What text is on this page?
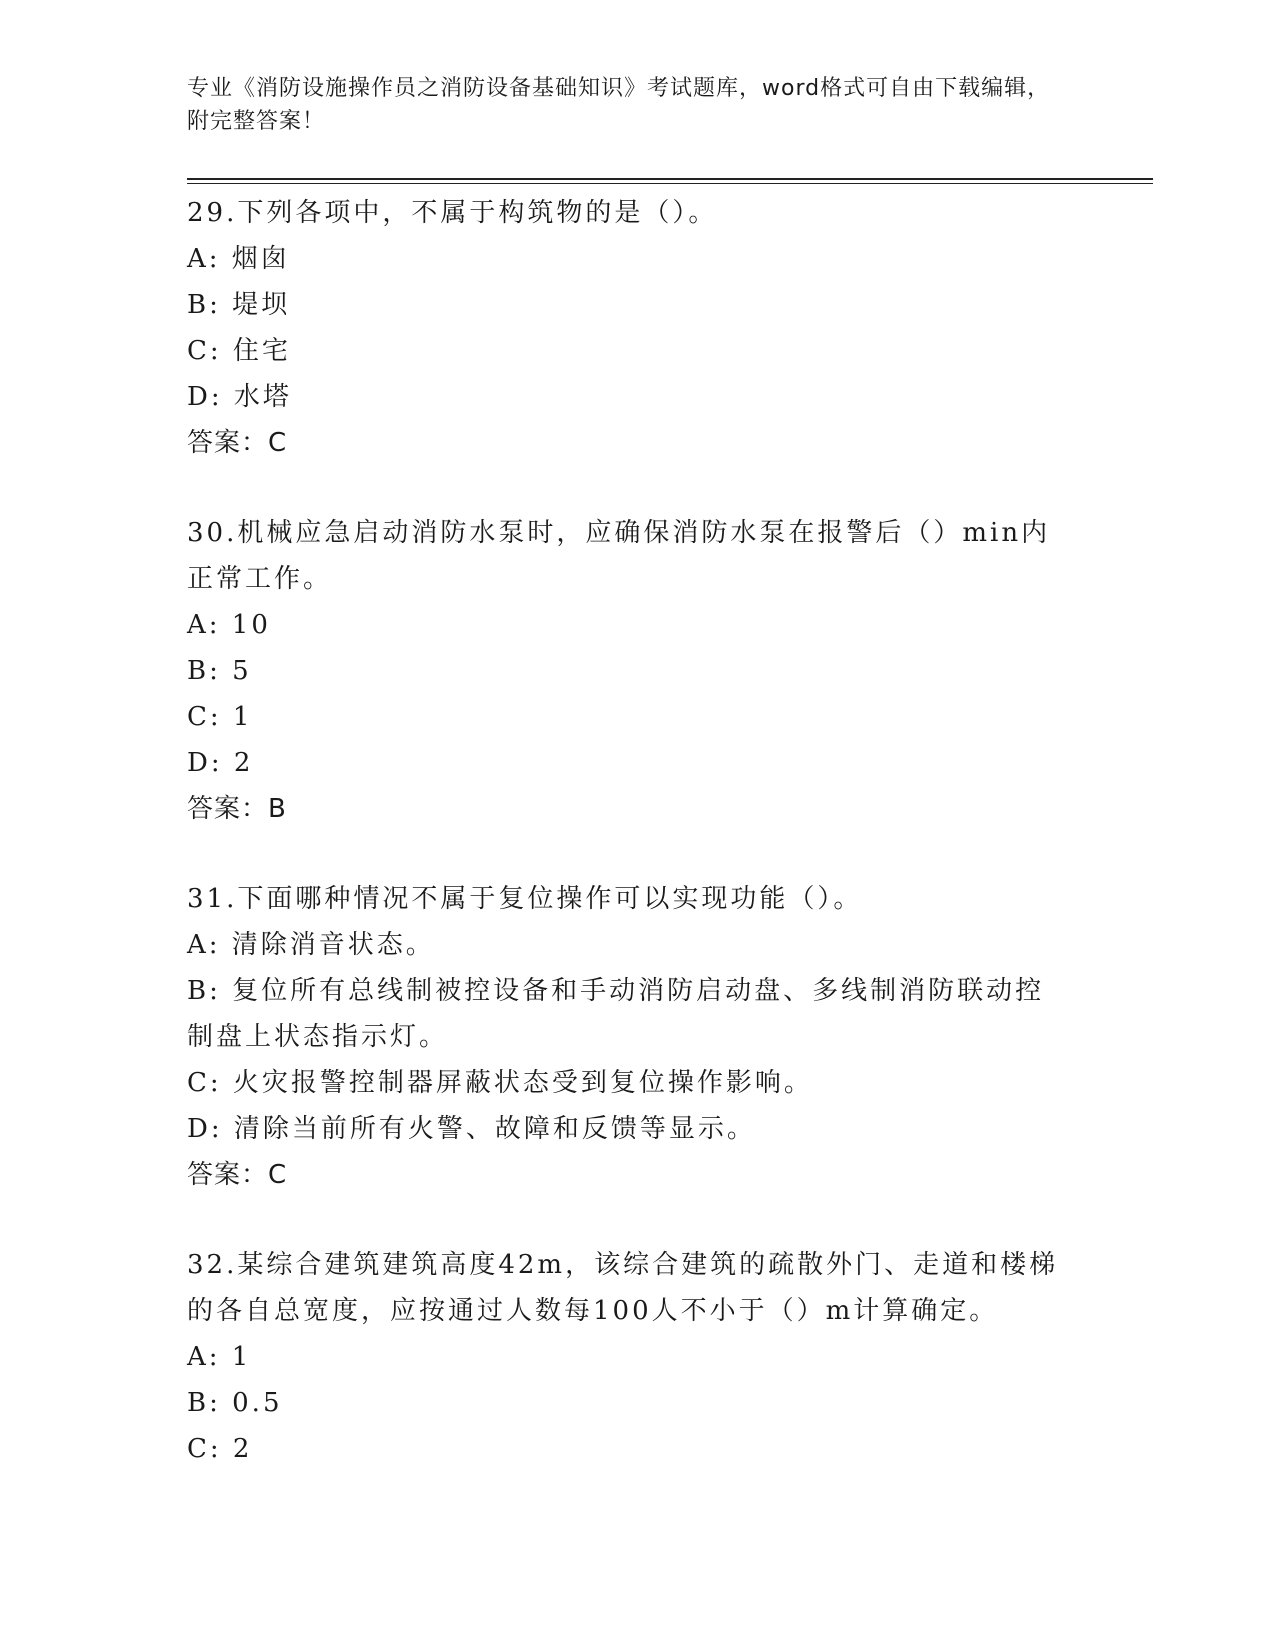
专业《消防设施操作员之消防设备基础知识》考试题库，word格式可自由下载编辑，附完整答案！
29.下列各项中，不属于构筑物的是（）。
A: 烟囱
B: 堤坝
C: 住宅
D: 水塔
答案：C
30.机械应急启动消防水泵时，应确保消防水泵在报警后（）min内正常工作。
A: 10
B: 5
C: 1
D: 2
答案：B
31.下面哪种情况不属于复位操作可以实现功能（）。
A: 清除消音状态。
B: 复位所有总线制被控设备和手动消防启动盘、多线制消防联动控制盘上状态指示灯。
C: 火灾报警控制器屏蔽状态受到复位操作影响。
D: 清除当前所有火警、故障和反馈等显示。
答案：C
32.某综合建筑建筑高度42m，该综合建筑的疏散外门、走道和楼梯的各自总宽度，应按通过人数每100人不小于（）m计算确定。
A: 1
B: 0.5
C: 2
